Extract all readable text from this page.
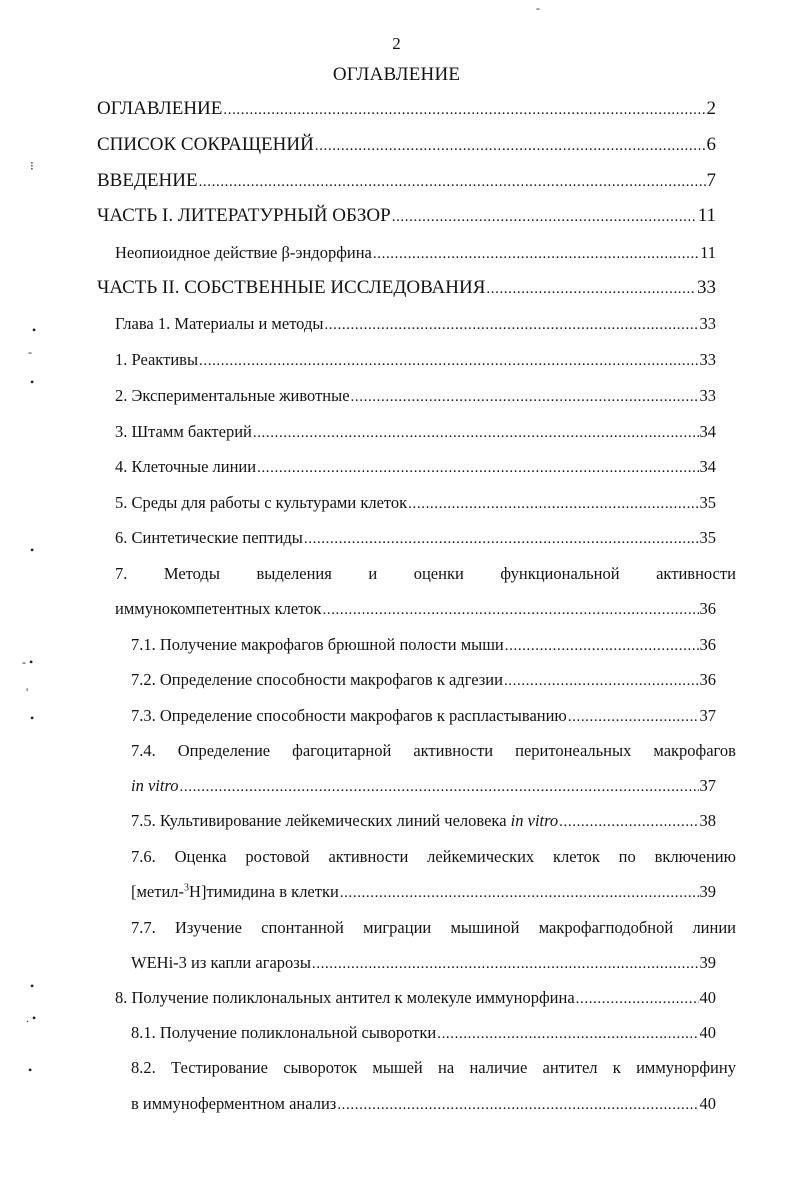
2
ОГЛАВЛЕНИЕ
ОГЛАВЛЕНИЕ .....	2
СПИСОК СОКРАЩЕНИЙ .....	6
ВВЕДЕНИЕ .....	7
ЧАСТЬ I. ЛИТЕРАТУРНЫЙ ОБЗОР .....	11
Неопиоидное действие β-эндорфина .....	11
ЧАСТЬ II. СОБСТВЕННЫЕ ИССЛЕДОВАНИЯ .....	33
Глава 1. Материалы и методы .....	33
1. Реактивы .....	33
2. Экспериментальные животные .....	33
3. Штамм бактерий .....	34
4. Клеточные линии .....	34
5. Среды для работы с культурами клеток .....	35
6. Синтетические пептиды .....	35
7. Методы выделения и оценки функциональной активности
иммунокомпетентных клеток .....	36
7.1. Получение макрофагов брюшной полости мыши .....	36
7.2. Определение способности макрофагов к адгезии .....	36
7.3. Определение способности макрофагов к распластыванию .....	37
7.4. Определение фагоцитарной активности перитонеальных макрофагов
in vitro .....	37
7.5. Культивирование лейкемических линий человека in vitro .....	38
7.6. Оценка ростовой активности лейкемических клеток по включению
[метил-$^3$Н]тимидина в клетки .....	39
7.7. Изучение спонтанной миграции мышиной макрофагподобной линии
WEHi-3 из капли агарозы .....	39
8. Получение поликлональных антител к молекуле иммунорфина .....	40
8.1. Получение поликлональной сыворотки .....	40
8.2. Тестирование сывороток мышей на наличие антител к иммунорфину
в иммуноферментном анализ .....	40
⁝
•
-
•
•
- •
'
•
•
. •
•
-
